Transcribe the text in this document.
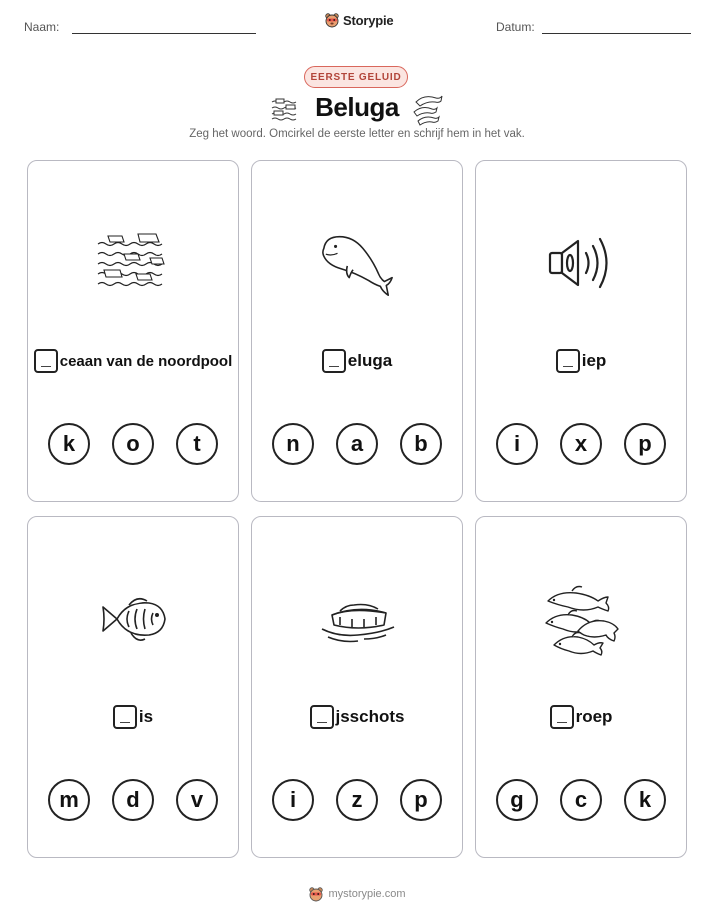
Naam:	Storypie	Datum:
EERSTE GELUID
Beluga
Zeg het woord. Omcirkel de eerste letter en schrijf hem in het vak.
ceaan van de noordpool
k	o	t
eluga
n	a	b
iep
i	x	p
is
m	d	v
jsschots
i	z	p
roep
g	c	k
mystorypie.com
